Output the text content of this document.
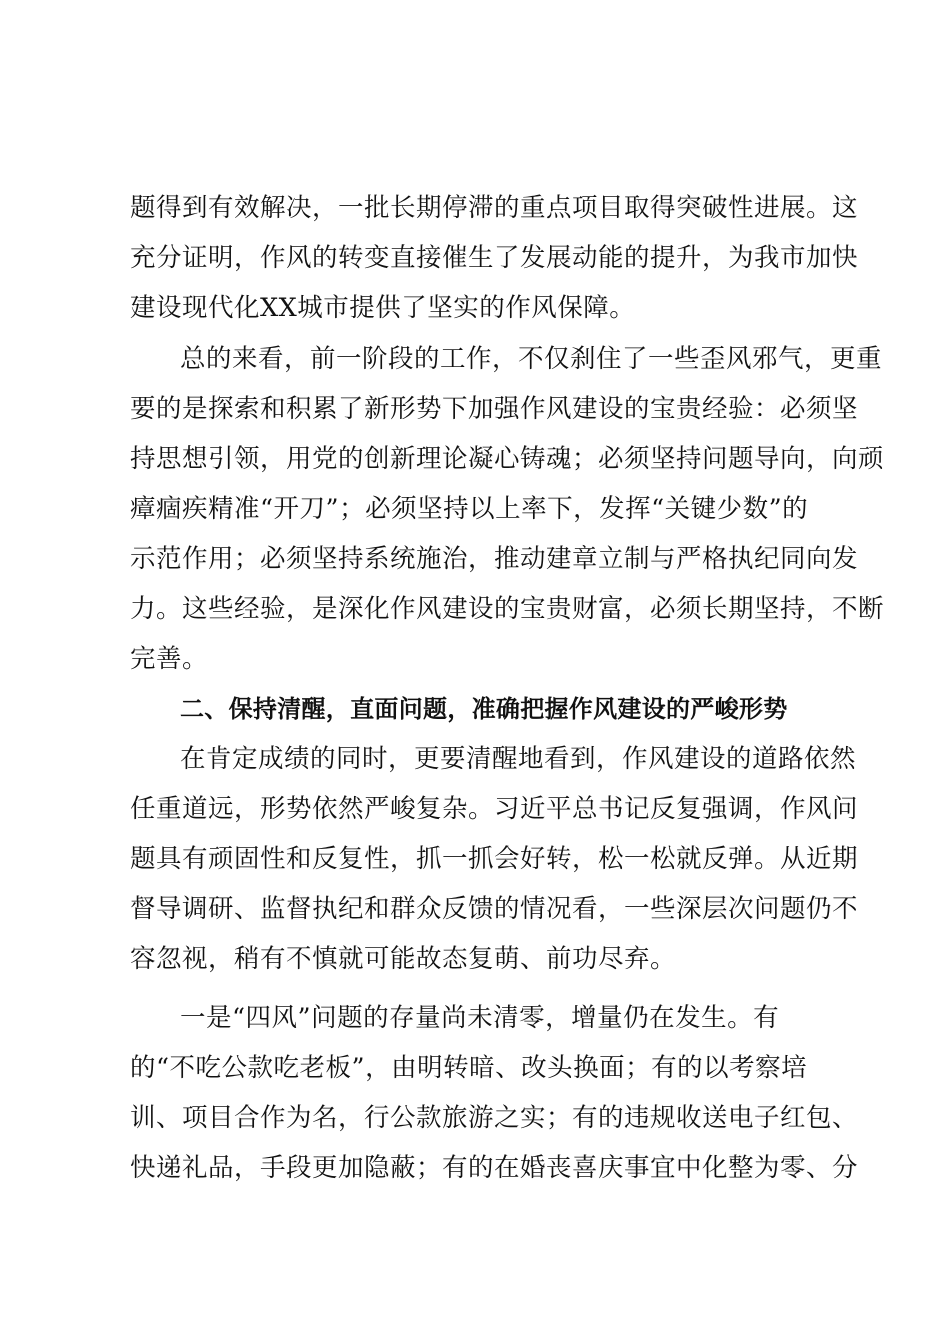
题得到有效解决，一批长期停滞的重点项目取得突破性进展。这
充分证明，作风的转变直接催生了发展动能的提升，为我市加快
建设现代化XX城市提供了坚实的作风保障。
总的来看，前一阶段的工作，不仅刹住了一些歪风邪气，更重
要的是探索和积累了新形势下加强作风建设的宝贵经验：必须坚
持思想引领，用党的创新理论凝心铸魂；必须坚持问题导向，向顽
瘴痼疾精准“开刀”；必须坚持以上率下，发挥“关键少数”的
示范作用；必须坚持系统施治，推动建章立制与严格执纪同向发
力。这些经验，是深化作风建设的宝贵财富，必须长期坚持，不断
完善。
二、保持清醒，直面问题，准确把握作风建设的严峻形势
在肯定成绩的同时，更要清醒地看到，作风建设的道路依然
任重道远，形势依然严峻复杂。习近平总书记反复强调，作风问
题具有顽固性和反复性，抓一抓会好转，松一松就反弹。从近期
督导调研、监督执纪和群众反馈的情况看，一些深层次问题仍不
容忽视，稍有不慎就可能故态复萌、前功尽弃。
一是“四风”问题的存量尚未清零，增量仍在发生。有
的“不吃公款吃老板”，由明转暗、改头换面；有的以考察培
训、项目合作为名，行公款旅游之实；有的违规收送电子红包、
快递礼品，手段更加隐蔽；有的在婚丧喜庆事宜中化整为零、分
